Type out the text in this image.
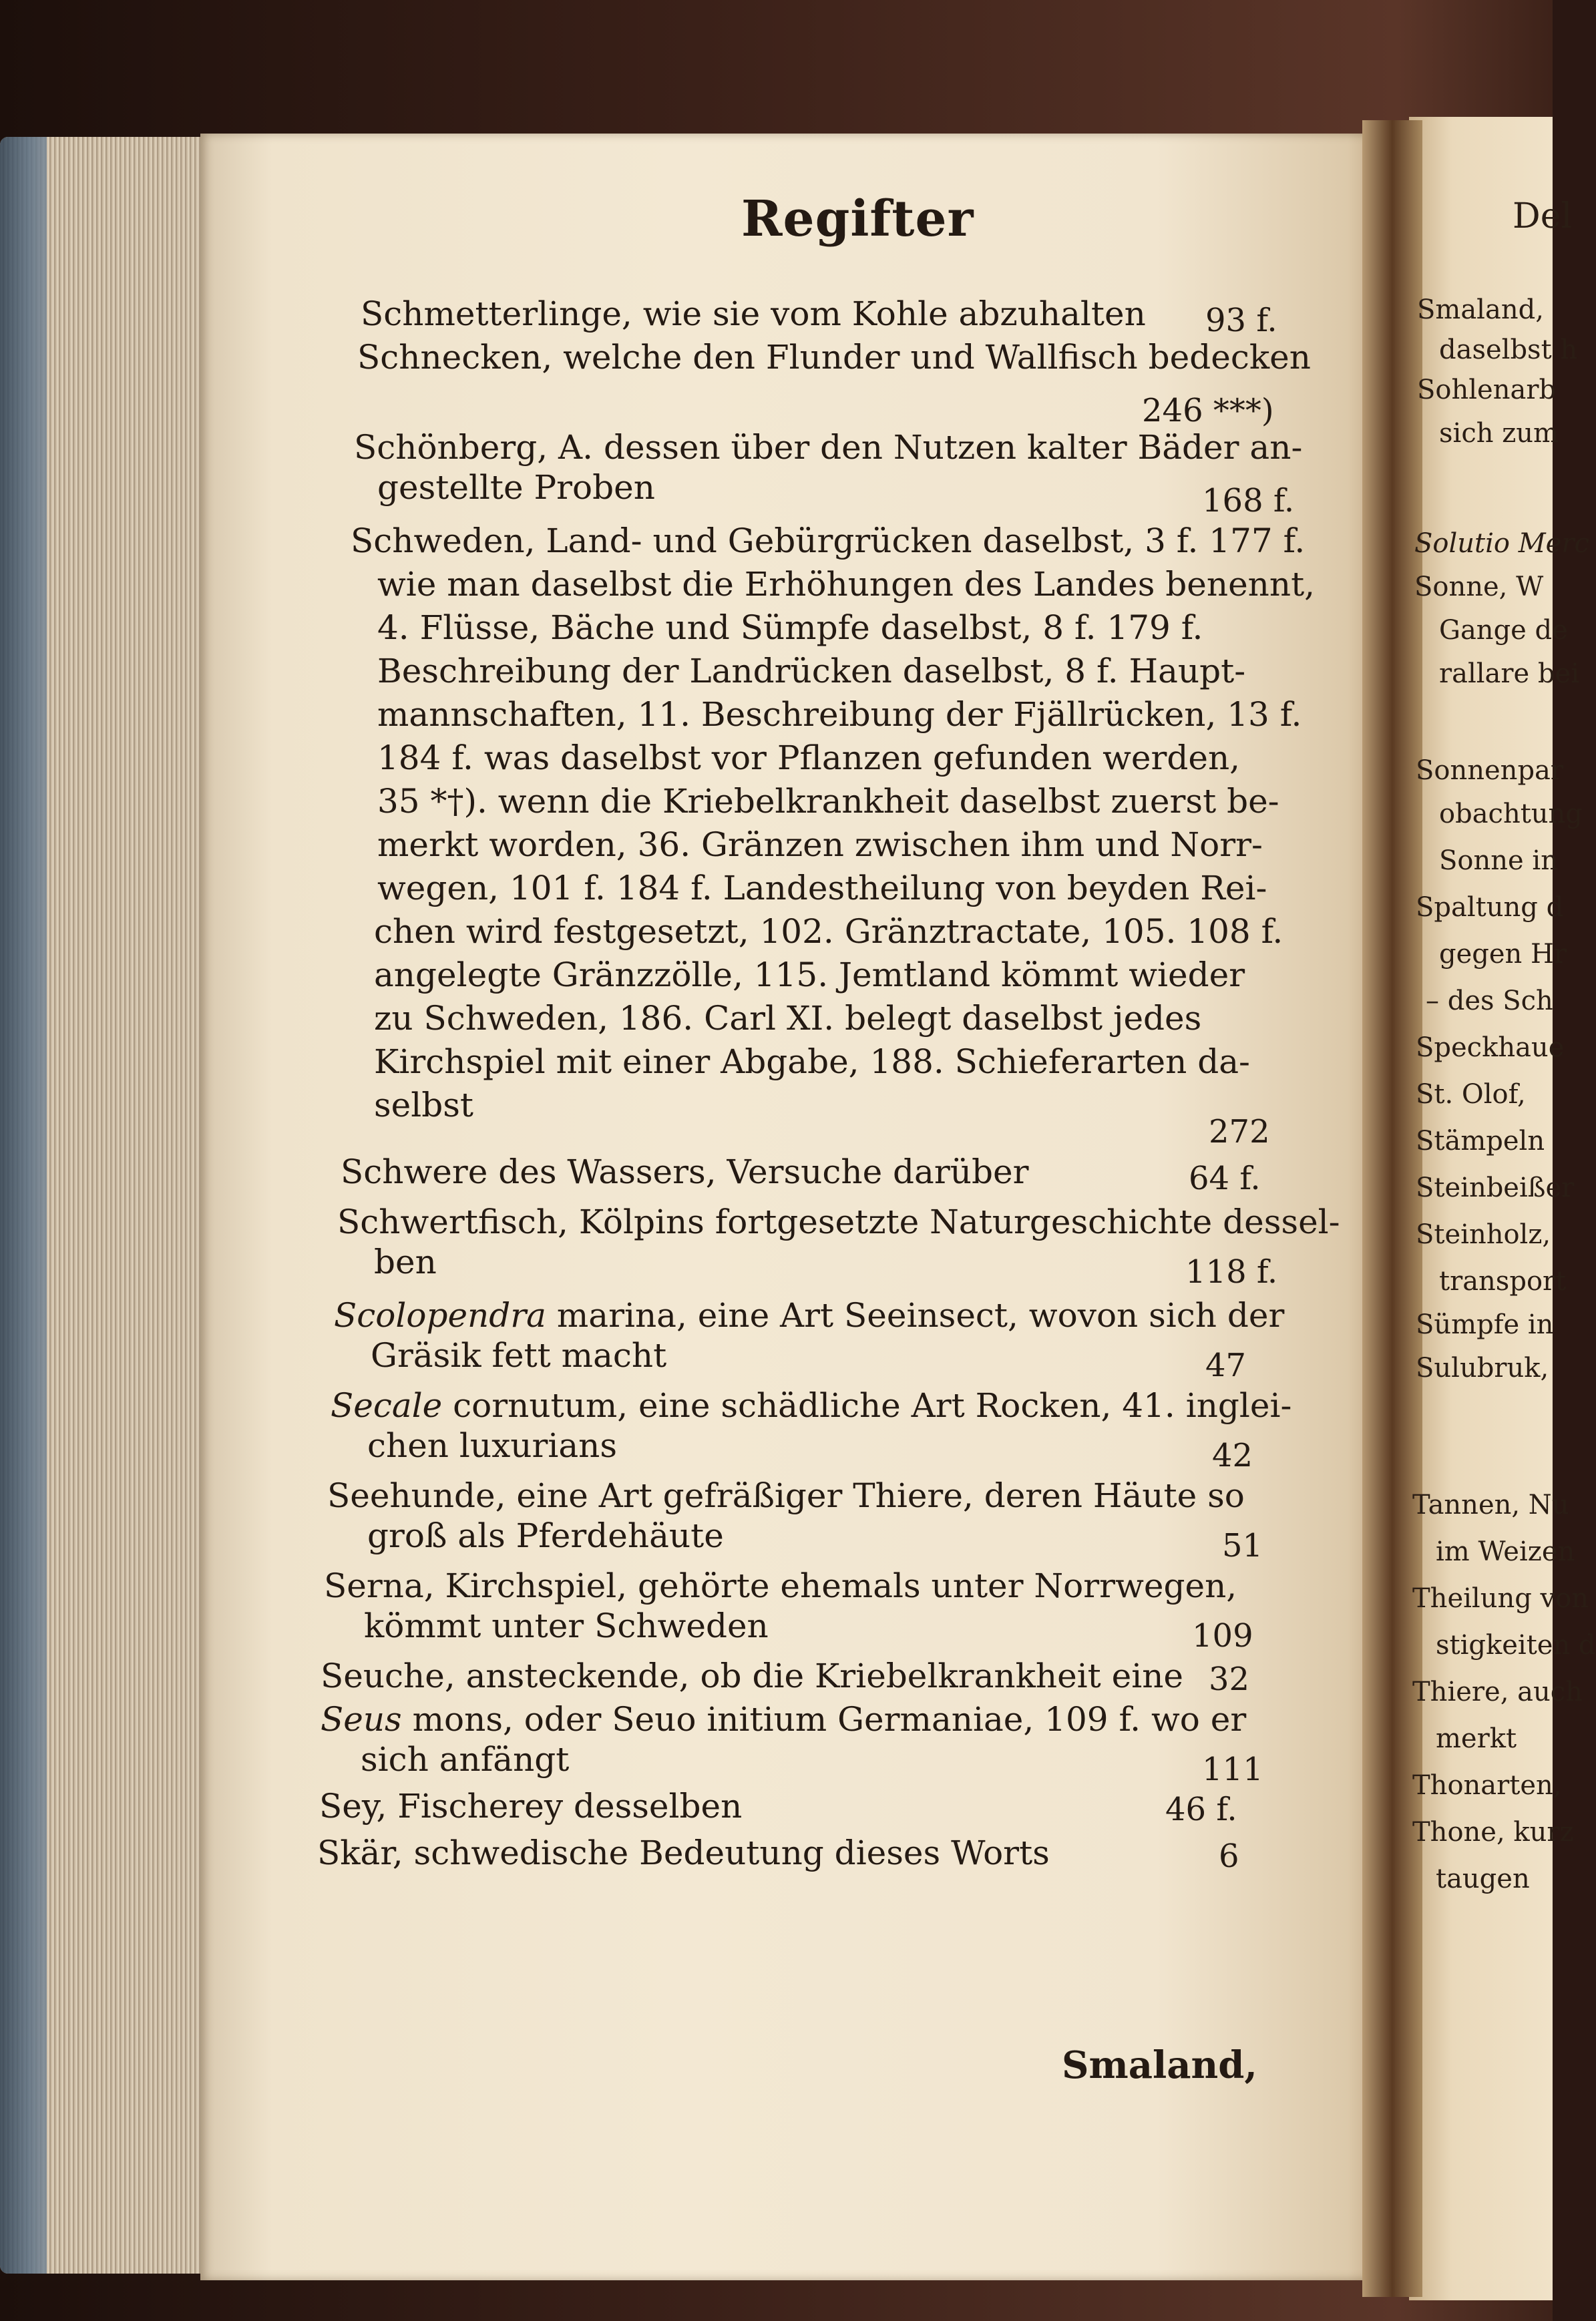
Regifter
Schmetterlinge, wie sie vom Kohle abzuhalten 93 f.
Schnecken, welche den Flunder und Wallfisch bedecken
246 ***)
Schönberg, A. dessen über den Nutzen kalter Bäder an-
gestellte Proben	168 f.
Schweden, Land- und Gebürgrücken daselbst, 3 f. 177 f.
wie man daselbst die Erhöhungen des Landes benennt,
4. Flüsse, Bäche und Sümpfe daselbst, 8 f. 179 f.
Beschreibung der Landrücken daselbst, 8 f. Haupt-
mannschaften, 11. Beschreibung der Fjällrücken, 13 f.
184 f. was daselbst vor Pflanzen gefunden werden,
35 *†). wenn die Kriebelkrankheit daselbst zuerst be-
merkt worden, 36. Gränzen zwischen ihm und Norr-
wegen, 101 f. 184 f. Landestheilung von beyden Rei-
chen wird festgesetzt, 102. Gränztractate, 105. 108 f.
angelegte Gränzzölle, 115. Jemtland kömmt wieder
zu Schweden, 186. Carl XI. belegt daselbst jedes
Kirchspiel mit einer Abgabe, 188. Schieferarten da-
selbst
272
Schwere des Wassers, Versuche darüber	64 f.
Schwertfisch, Kölpins fortgesetzte Naturgeschichte dessel-
ben	118 f.
Scolopendra marina, eine Art Seeinsect, wovon sich der
Gräsik fett macht	47
Secale cornutum, eine schädliche Art Rocken, 41. inglei-
chen luxurians	42
Seehunde, eine Art gefräßiger Thiere, deren Häute so
groß als Pferdehäute	51
Serna, Kirchspiel, gehörte ehemals unter Norrwegen,
kömmt unter Schweden	109
Seuche, ansteckende, ob die Kriebelkrankheit eine 32
Seus mons, oder Seuo initium Germaniae, 109 f. wo er
sich anfängt	111
Sey, Fischerey desselben	46 f.
Skär, schwedische Bedeutung dieses Worts	6
Smaland,
Del
Smaland,
daselbst h
Sohlenarb
sich zum
Solutio Merc
Sonne, W
Gange de
rallare bei
Sonnenpar
obachtung
Sonne in
Spaltung d
gegen Hr
– des Sch
Speckhaue
St. Olof,
Stämpeln
Steinbeißer
Steinholz,
transport
Sümpfe in
Sulubruk,
Tannen, Nu
im Weizen
Theilung von
stigkeiten d
Thiere, auch
merkt
Thonarten,
Thone, kurz
taugen
